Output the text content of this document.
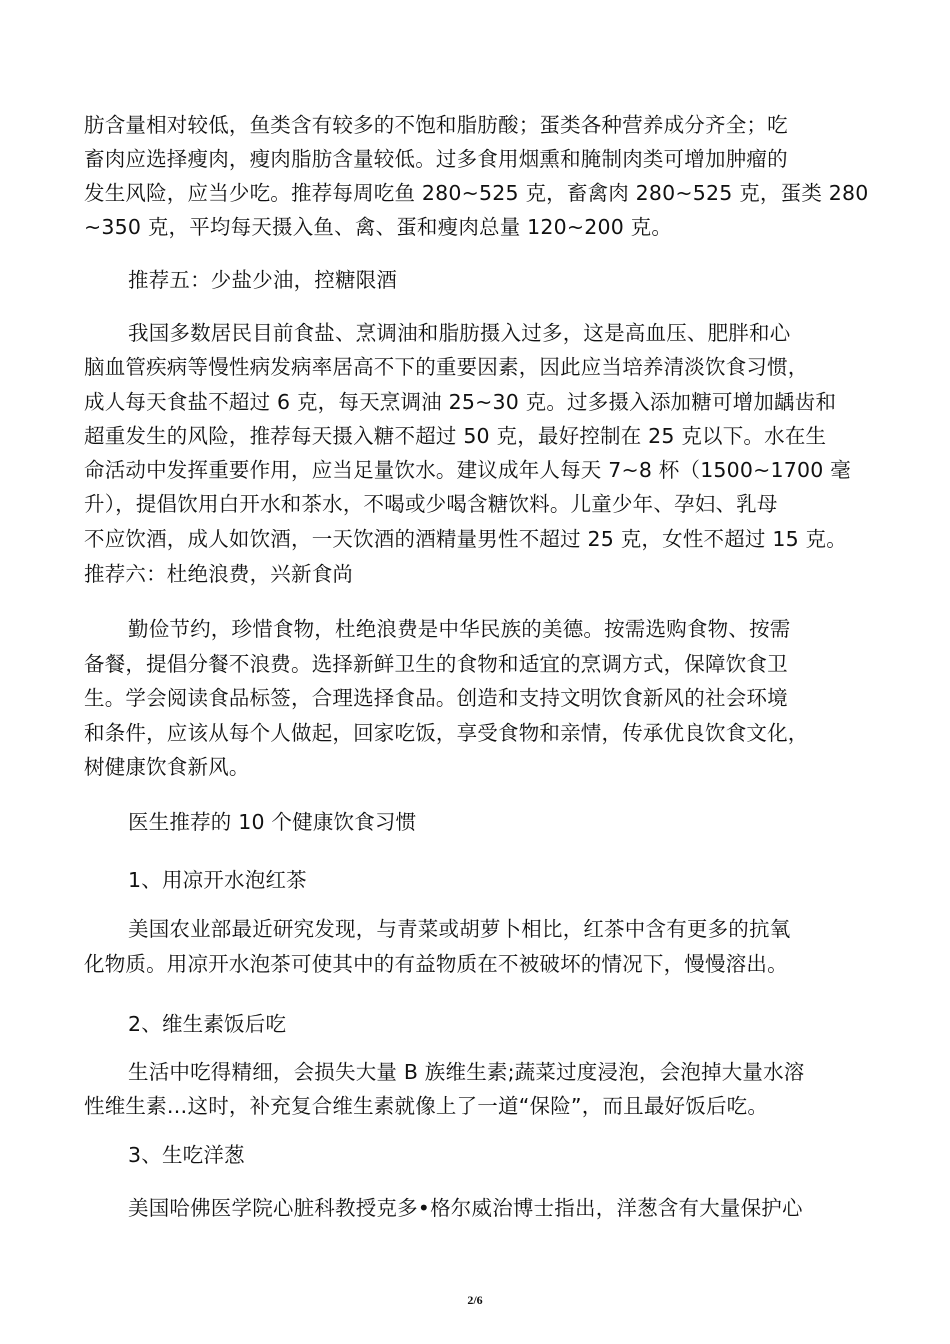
肪含量相对较低，鱼类含有较多的不饱和脂肪酸；蛋类各种营养成分齐全；吃
畜肉应选择瘦肉，瘦肉脂肪含量较低。过多食用烟熏和腌制肉类可增加肿瘤的
发生风险，应当少吃。推荐每周吃鱼 280~525 克，畜禽肉 280~525 克，蛋类 280
~350 克，平均每天摄入鱼、禽、蛋和瘦肉总量 120~200 克。
推荐五：少盐少油，控糖限酒
我国多数居民目前食盐、烹调油和脂肪摄入过多，这是高血压、肥胖和心
脑血管疾病等慢性病发病率居高不下的重要因素，因此应当培养清淡饮食习惯，
成人每天食盐不超过 6 克，每天烹调油 25~30 克。过多摄入添加糖可增加龋齿和
超重发生的风险，推荐每天摄入糖不超过 50 克，最好控制在 25 克以下。水在生
命活动中发挥重要作用，应当足量饮水。建议成年人每天 7~8 杯（1500~1700 毫
升），提倡饮用白开水和茶水，不喝或少喝含糖饮料。儿童少年、孕妇、乳母
不应饮酒，成人如饮酒，一天饮酒的酒精量男性不超过 25 克，女性不超过 15 克。
推荐六：杜绝浪费，兴新食尚
勤俭节约，珍惜食物，杜绝浪费是中华民族的美德。按需选购食物、按需
备餐，提倡分餐不浪费。选择新鲜卫生的食物和适宜的烹调方式，保障饮食卫
生。学会阅读食品标签，合理选择食品。创造和支持文明饮食新风的社会环境
和条件，应该从每个人做起，回家吃饭，享受食物和亲情，传承优良饮食文化，
树健康饮食新风。
医生推荐的 10 个健康饮食习惯
1、用凉开水泡红茶
美国农业部最近研究发现，与青菜或胡萝卜相比，红茶中含有更多的抗氧
化物质。用凉开水泡茶可使其中的有益物质在不被破坏的情况下，慢慢溶出。
2、维生素饭后吃
生活中吃得精细，会损失大量 B 族维生素;蔬菜过度浸泡，会泡掉大量水溶
性维生素…这时，补充复合维生素就像上了一道“保险”，而且最好饭后吃。
3、生吃洋葱
美国哈佛医学院心脏科教授克多•格尔威治博士指出，洋葱含有大量保护心
2/6
